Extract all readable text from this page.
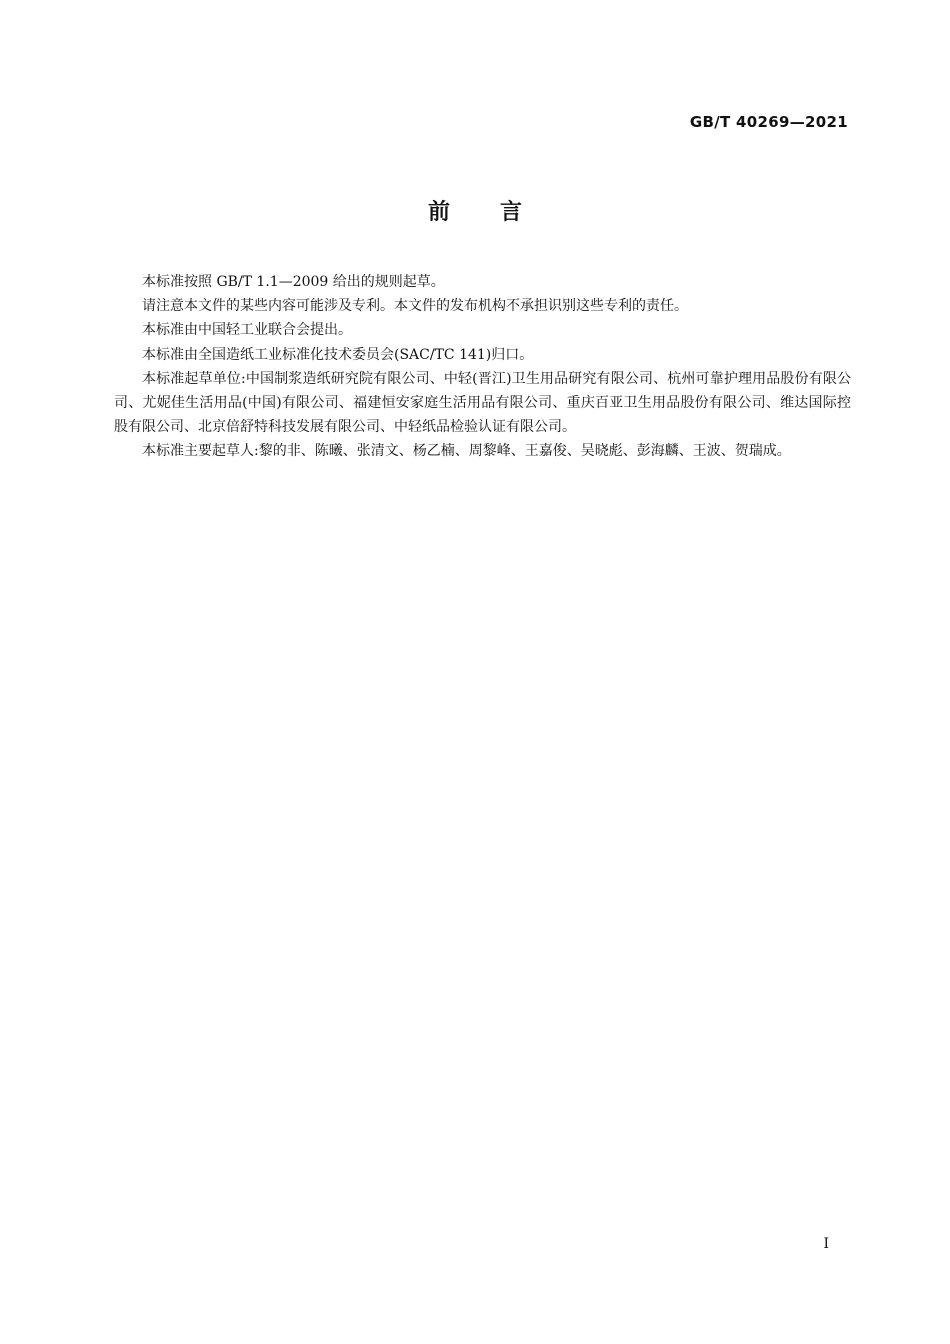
GB/T 40269—2021
前言

本标准按照 GB/T 1.1—2009 给出的规则起草。

请注意本文件的某些内容可能涉及专利。本文件的发布机构不承担识别这些专利的责任。

本标准由中国轻工业联合会提出。

本标准由全国造纸工业标准化技术委员会(SAC/TC 141)归口。

本标准起草单位:中国制浆造纸研究院有限公司、中轻(晋江)卫生用品研究有限公司、杭州可靠护理用品股份有限公司、尤妮佳生活用品(中国)有限公司、福建恒安家庭生活用品有限公司、重庆百亚卫生用品股份有限公司、维达国际控股有限公司、北京倍舒特科技发展有限公司、中轻纸品检验认证有限公司。

本标准主要起草人:黎的非、陈曦、张清文、杨乙楠、周黎峰、王嘉俊、吴晓彪、彭海麟、王波、贺瑞成。

I
